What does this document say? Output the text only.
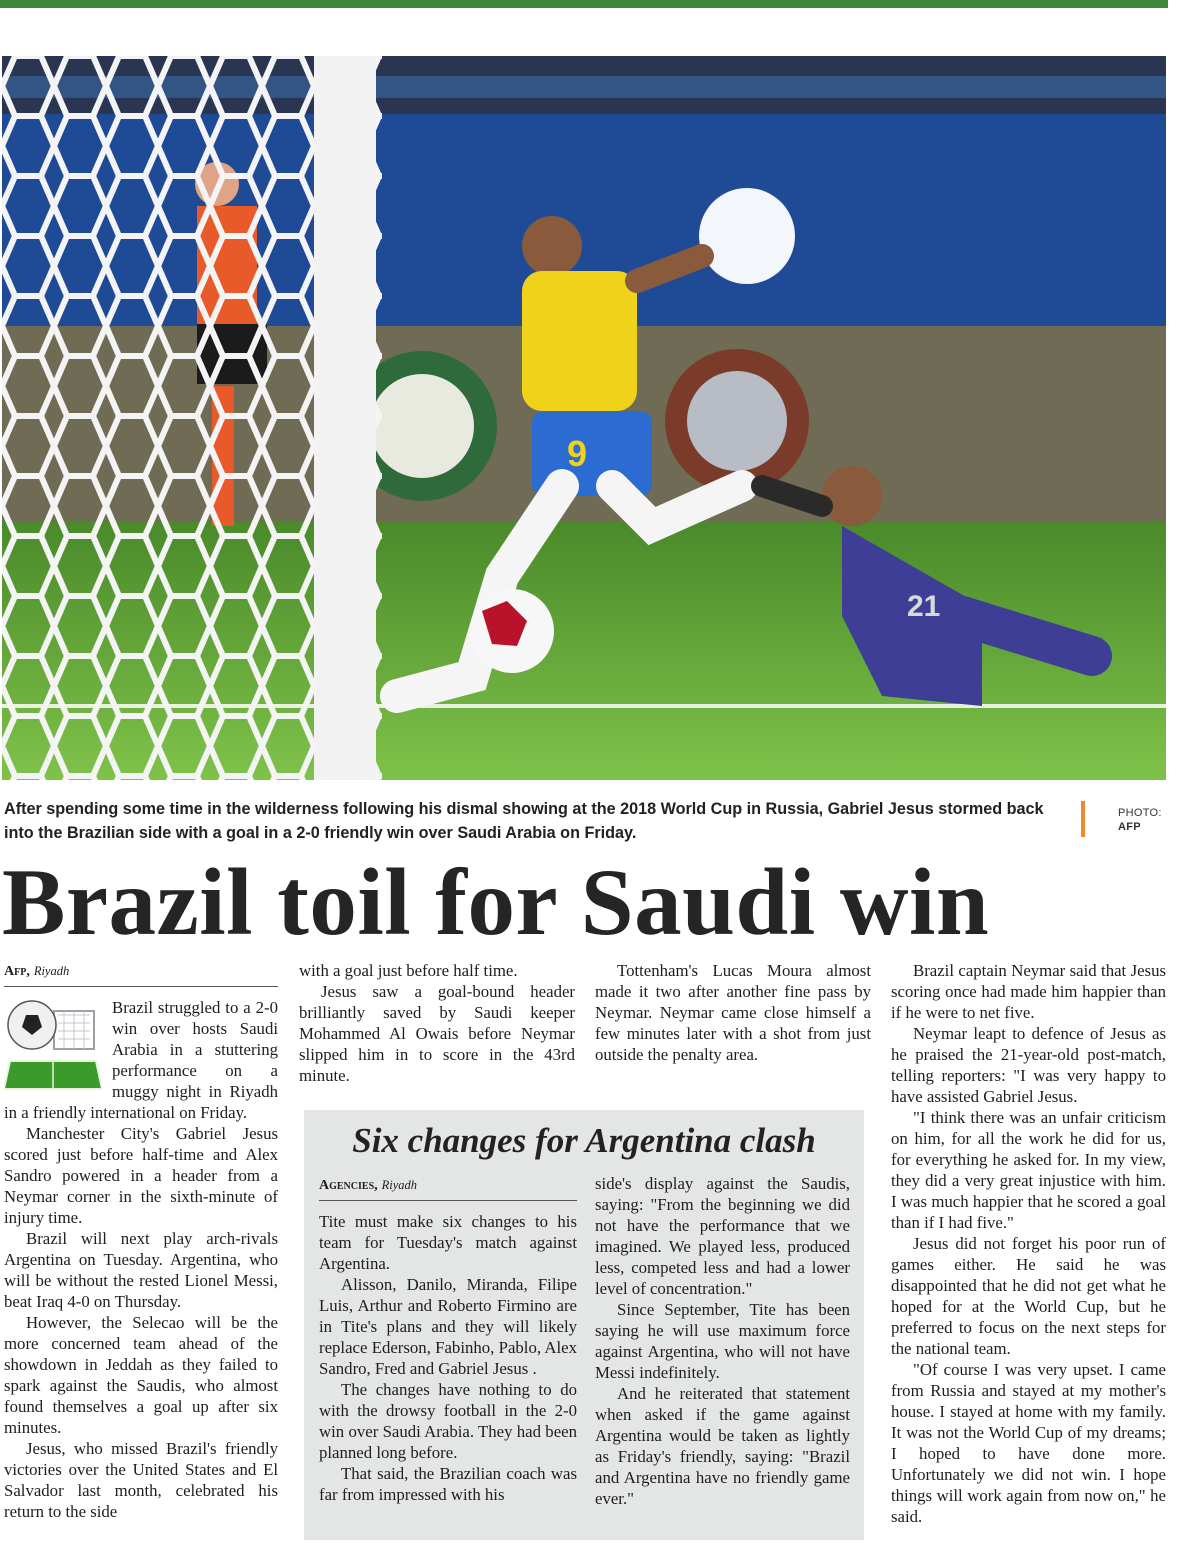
9
21
After spending some time in the wilderness following his dismal showing at the 2018 World Cup in Russia, Gabriel Jesus stormed back into the Brazilian side with a goal in a 2-0 friendly win over Saudi Arabia on Friday.
PHOTO:
AFP
Brazil toil for Saudi win
Afp, Riyadh

Brazil struggled to a 2-0 win over hosts Saudi Arabia in a stuttering performance on a muggy night in Riyadh in a friendly international on Friday.

Manchester City's Gabriel Jesus scored just before half-time and Alex Sandro powered in a header from a Neymar corner in the sixth-minute of injury time.

Brazil will next play arch-rivals Argentina on Tuesday. Argentina, who will be without the rested Lionel Messi, beat Iraq 4-0 on Thursday.

However, the Selecao will be the more concerned team ahead of the showdown in Jeddah as they failed to spark against the Saudis, who almost found themselves a goal up after six minutes.

Jesus, who missed Brazil's friendly victories over the United States and El Salvador last month, celebrated his return to the side

with a goal just before half time.

Jesus saw a goal-bound header brilliantly saved by Saudi keeper Mohammed Al Owais before Neymar slipped him in to score in the 43rd minute.

Tottenham's Lucas Moura almost made it two after another fine pass by Neymar. Neymar came close himself a few minutes later with a shot from just outside the penalty area.

Brazil captain Neymar said that Jesus scoring once had made him happier than if he were to net five.

Neymar leapt to defence of Jesus as he praised the 21-year-old post-match, telling reporters: "I was very happy to have assisted Gabriel Jesus.

"I think there was an unfair criticism on him, for all the work he did for us, for everything he asked for. In my view, they did a very great injustice with him. I was much happier that he scored a goal than if I had five."

Jesus did not forget his poor run of games either. He said he was disappointed that he did not get what he hoped for at the World Cup, but he preferred to focus on the next steps for the national team.

"Of course I was very upset. I came from Russia and stayed at my mother's house. I stayed at home with my family. It was not the World Cup of my dreams; I hoped to have done more. Unfortunately we did not win. I hope things will work again from now on," he said.

Six changes for Argentina clash
Agencies, Riyadh

Tite must make six changes to his team for Tuesday's match against Argentina.

Alisson, Danilo, Miranda, Filipe Luis, Arthur and Roberto Firmino are in Tite's plans and they will likely replace Ederson, Fabinho, Pablo, Alex Sandro, Fred and Gabriel Jesus .

The changes have nothing to do with the drowsy football in the 2-0 win over Saudi Arabia. They had been planned long before.

That said, the Brazilian coach was far from impressed with his

side's display against the Saudis, saying: "From the beginning we did not have the performance that we imagined. We played less, produced less, competed less and had a lower level of concentration."

Since September, Tite has been saying he will use maximum force against Argentina, who will not have Messi indefinitely.

And he reiterated that statement when asked if the game against Argentina would be taken as lightly as Friday's friendly, saying: "Brazil and Argentina have no friendly game ever."
